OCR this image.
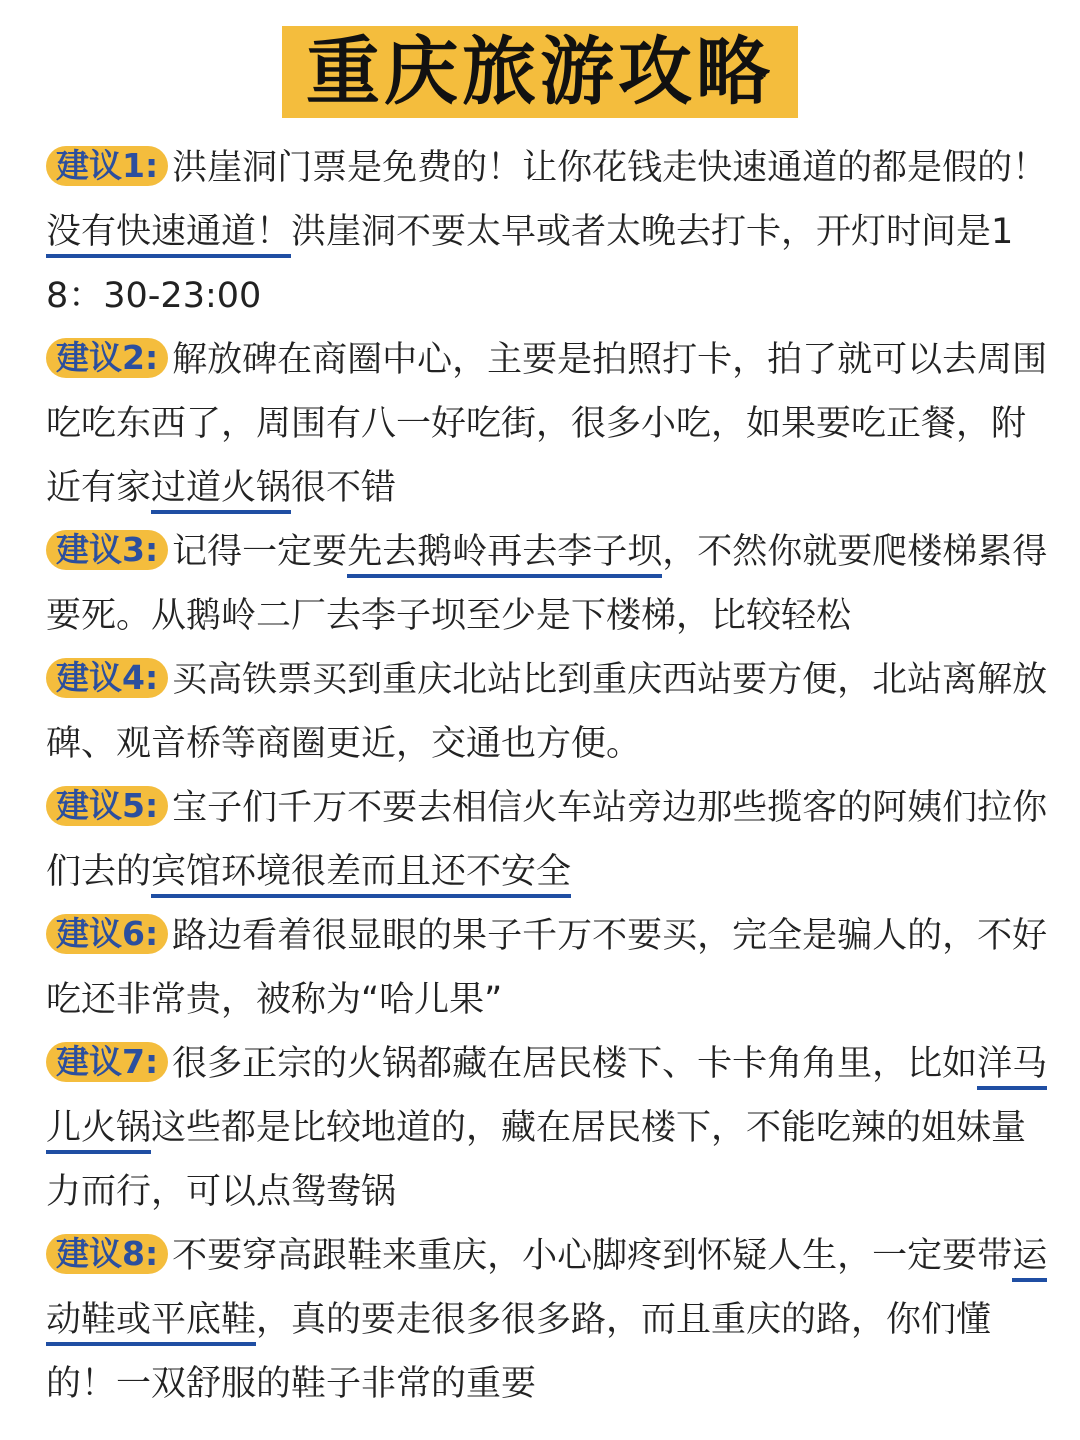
重庆旅游攻略
建议1: 洪崖洞门票是免费的！让你花钱走快速通道的都是假的！没有快速通道！洪崖洞不要太早或者太晚去打卡，开灯时间是18：30-23:00
建议2: 解放碑在商圈中心，主要是拍照打卡，拍了就可以去周围吃吃东西了，周围有八一好吃街，很多小吃，如果要吃正餐，附近有家过道火锅很不错
建议3: 记得一定要先去鹅岭再去李子坝，不然你就要爬楼梯累得要死。从鹅岭二厂去李子坝至少是下楼梯，比较轻松
建议4: 买高铁票买到重庆北站比到重庆西站要方便，北站离解放碑、观音桥等商圈更近，交通也方便。
建议5: 宝子们千万不要去相信火车站旁边那些揽客的阿姨们拉你们去的宾馆环境很差而且还不安全
建议6: 路边看着很显眼的果子千万不要买，完全是骗人的，不好吃还非常贵，被称为“哈儿果”
建议7: 很多正宗的火锅都藏在居民楼下、卡卡角角里，比如洋马儿火锅这些都是比较地道的，藏在居民楼下，不能吃辣的姐妹量力而行，可以点鸳鸯锅
建议8: 不要穿高跟鞋来重庆，小心脚疼到怀疑人生，一定要带运动鞋或平底鞋，真的要走很多很多路，而且重庆的路，你们懂的！一双舒服的鞋子非常的重要
